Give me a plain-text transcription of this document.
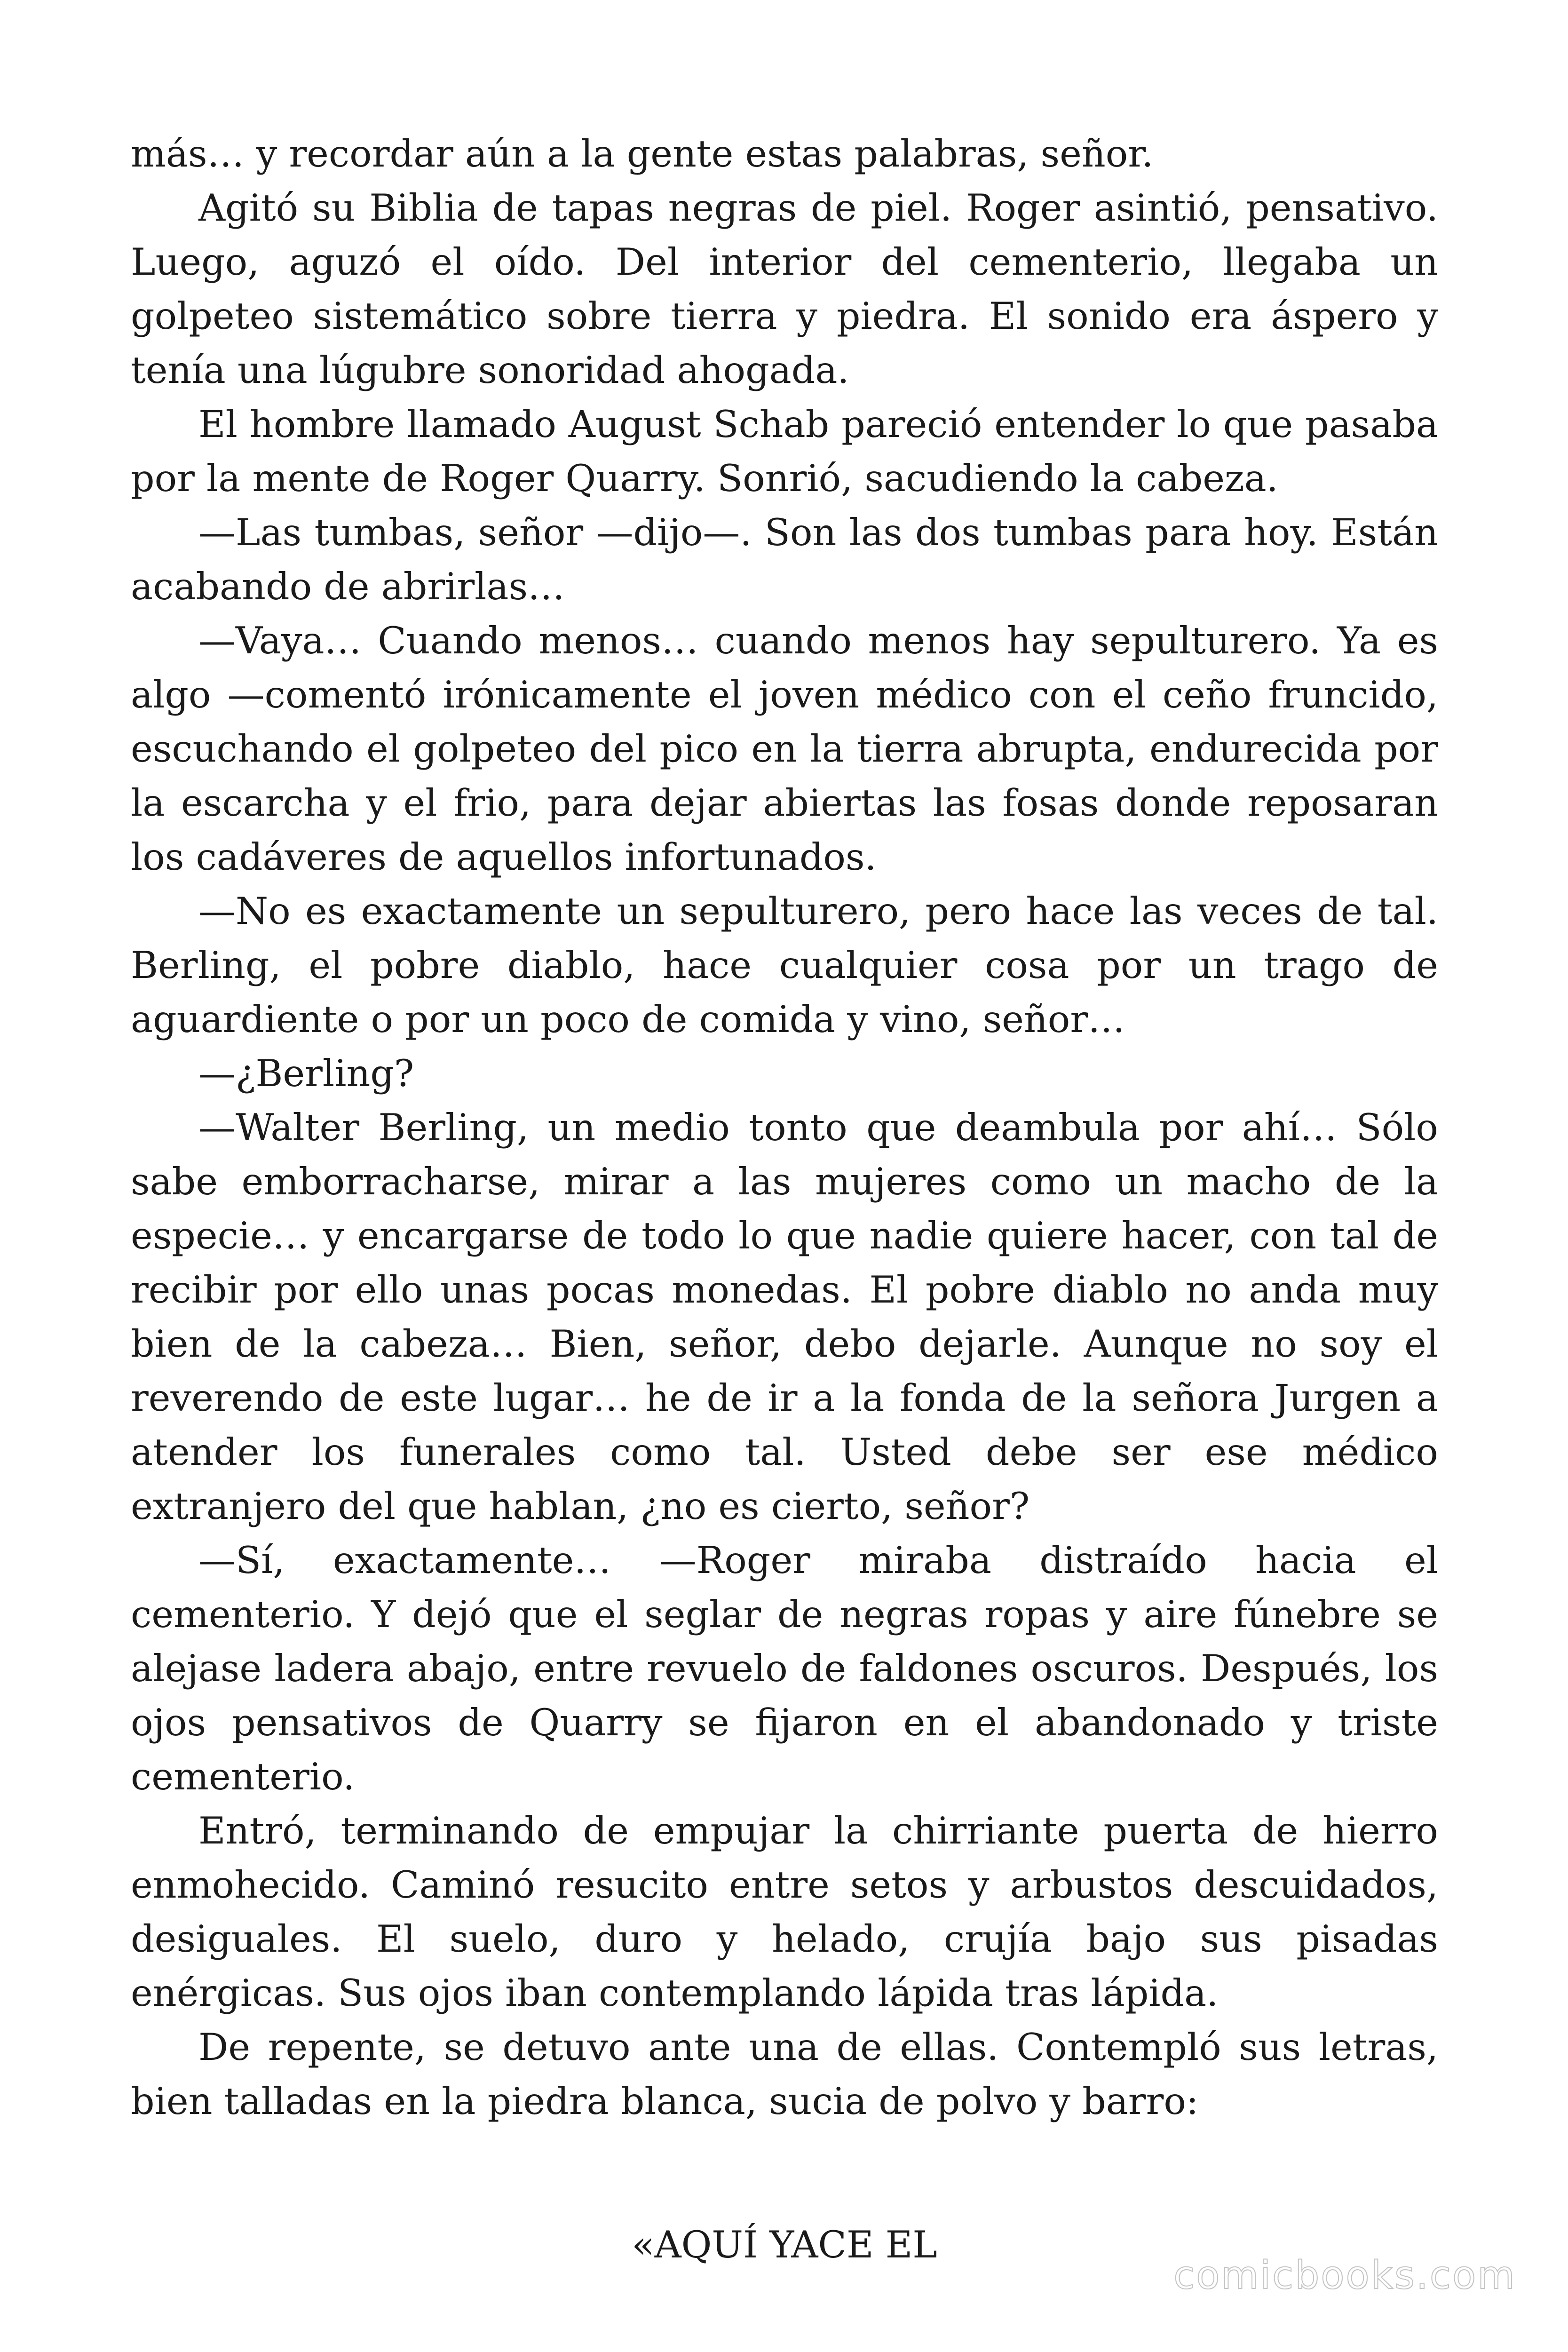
más… y recordar aún a la gente estas palabras, señor.

Agitó su Biblia de tapas negras de piel. Roger asintió, pensativo. Luego, aguzó el oído. Del interior del cementerio, llegaba un golpeteo sistemático sobre tierra y piedra. El sonido era áspero y tenía una lúgubre sonoridad ahogada.

El hombre llamado August Schab pareció entender lo que pasaba por la mente de Roger Quarry. Sonrió, sacudiendo la cabeza.

—Las tumbas, señor —dijo—. Son las dos tumbas para hoy. Están acabando de abrirlas…

—Vaya… Cuando menos… cuando menos hay sepulturero. Ya es algo —comentó irónicamente el joven médico con el ceño fruncido, escuchando el golpeteo del pico en la tierra abrupta, endurecida por la escarcha y el frio, para dejar abiertas las fosas donde reposaran los cadáveres de aquellos infortunados.

—No es exactamente un sepulturero, pero hace las veces de tal. Berling, el pobre diablo, hace cualquier cosa por un trago de aguardiente o por un poco de comida y vino, señor…

—¿Berling?

—Walter Berling, un medio tonto que deambula por ahí… Sólo sabe emborracharse, mirar a las mujeres como un macho de la especie… y encargarse de todo lo que nadie quiere hacer, con tal de recibir por ello unas pocas monedas. El pobre diablo no anda muy bien de la cabeza… Bien, señor, debo dejarle. Aunque no soy el reverendo de este lugar… he de ir a la fonda de la señora Jurgen a atender los funerales como tal. Usted debe ser ese médico extranjero del que hablan, ¿no es cierto, señor?

—Sí, exactamente… —Roger miraba distraído hacia el cementerio. Y dejó que el seglar de negras ropas y aire fúnebre se alejase ladera abajo, entre revuelo de faldones oscuros. Después, los ojos pensativos de Quarry se fijaron en el abandonado y triste cementerio.

Entró, terminando de empujar la chirriante puerta de hierro enmohecido. Caminó resucito entre setos y arbustos descuidados, desiguales. El suelo, duro y helado, crujía bajo sus pisadas enérgicas. Sus ojos iban contemplando lápida tras lápida.

De repente, se detuvo ante una de ellas. Contempló sus letras, bien talladas en la piedra blanca, sucia de polvo y barro:

«AQUÍ YACE EL

comicbooks.com
